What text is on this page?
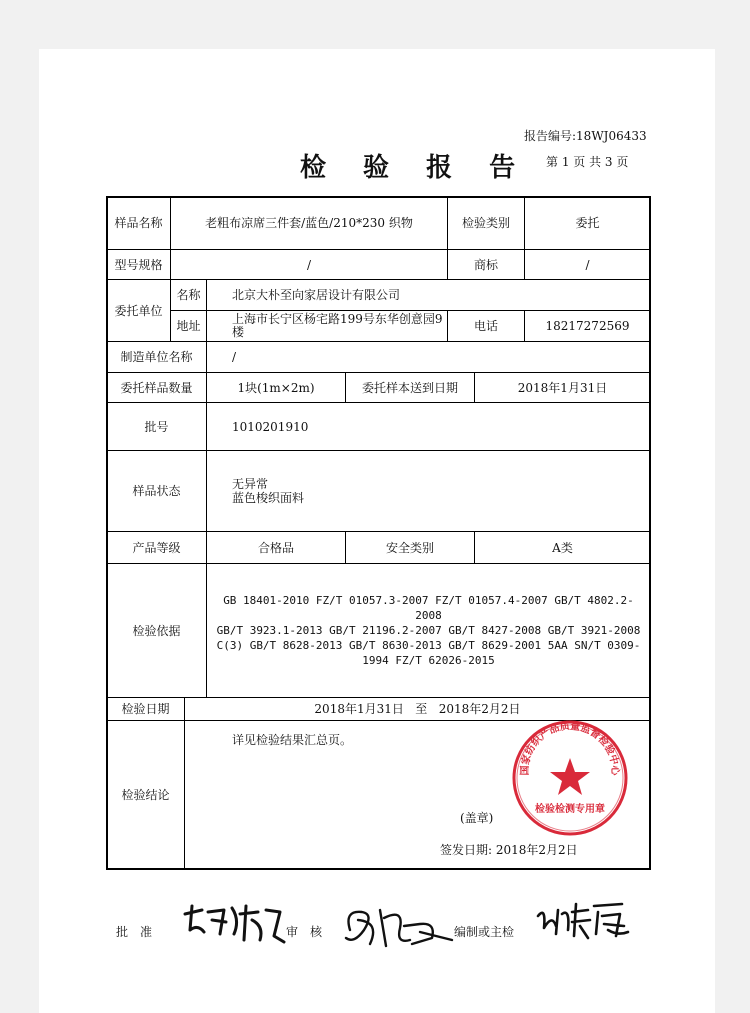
报告编号:18WJ06433
检 验 报 告 第 1 页 共 3 页
样品名称	老粗布凉席三件套/蓝色/210*230 织物	检验类别	委托
型号规格	/	商标	/
委托单位
名称	北京大朴至向家居设计有限公司
地址	上海市长宁区杨宅路199号东华创意园9楼	电话	18217272569
制造单位名称	/
委托样品数量	1块(1m×2m)	委托样本送到日期	2018年1月31日
批号	1010201910
样品状态	无异常
蓝色梭织面料
产品等级	合格品	安全类别	A类
检验依据
GB 18401-2010 FZ/T 01057.3-2007 FZ/T 01057.4-2007 GB/T 4802.2-2008
GB/T 3923.1-2013 GB/T 21196.2-2007 GB/T 8427-2008 GB/T 3921-2008
C(3) GB/T 8628-2013 GB/T 8630-2013 GB/T 8629-2001 5AA SN/T 0309-
1994 FZ/T 62026-2015
检验日期	2018年1月31日   至   2018年2月2日
检验结论
详见检验结果汇总页。
国家纺织产品质量监督检验中心
检验检测专用章
(盖章)
签发日期: 2018年2月2日
批　准	审　核	编制或主检
